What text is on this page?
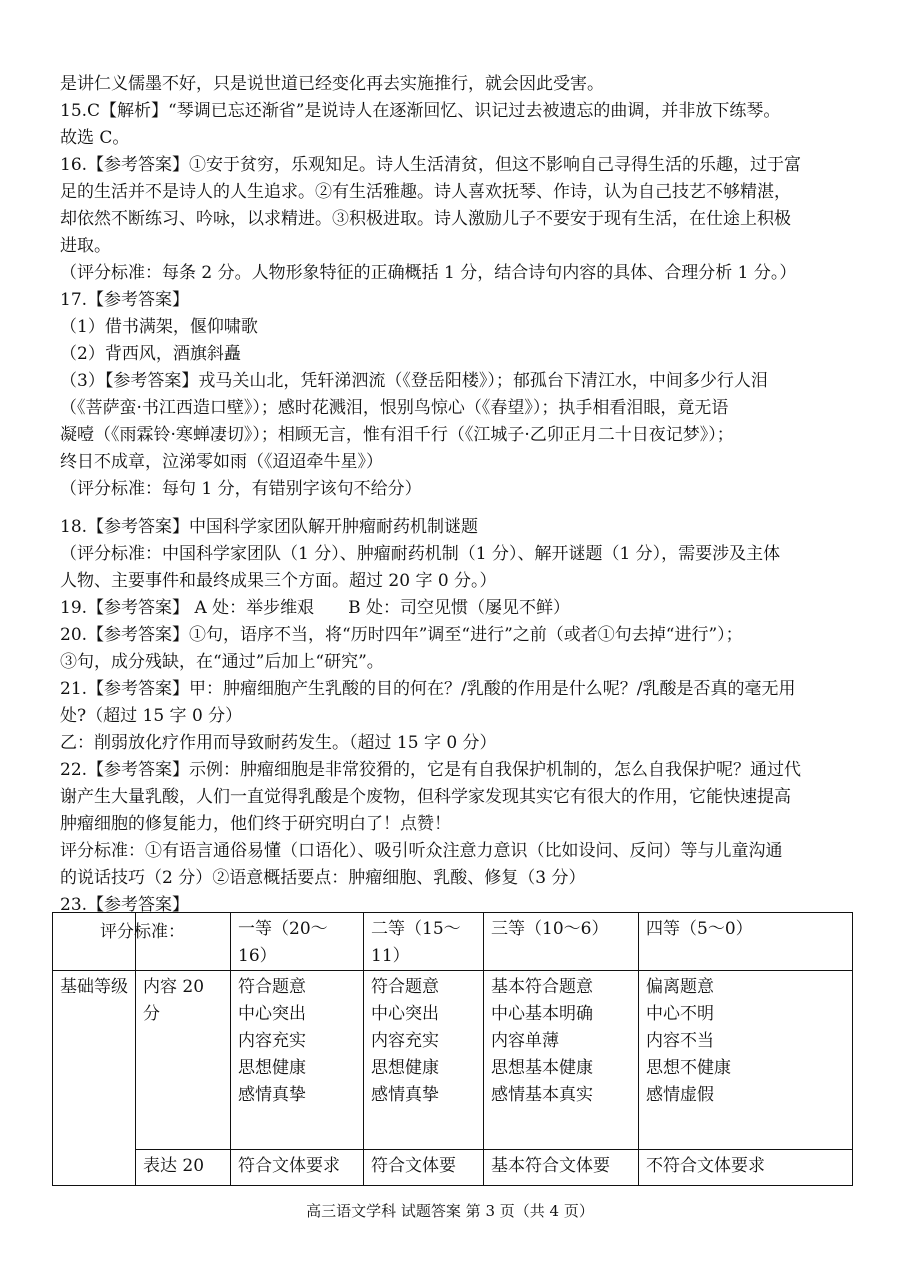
是讲仁义儒墨不好，只是说世道已经变化再去实施推行，就会因此受害。

15.C【解析】“琴调已忘还渐省”是说诗人在逐渐回忆、识记过去被遗忘的曲调，并非放下练琴。

故选 C。

16.【参考答案】①安于贫穷，乐观知足。诗人生活清贫，但这不影响自己寻得生活的乐趣，过于富

足的生活并不是诗人的人生追求。②有生活雅趣。诗人喜欢抚琴、作诗，认为自己技艺不够精湛，

却依然不断练习、吟咏，以求精进。③积极进取。诗人激励儿子不要安于现有生活，在仕途上积极

进取。

（评分标准：每条 2 分。人物形象特征的正确概括 1 分，结合诗句内容的具体、合理分析 1 分。）

17.【参考答案】

（1）借书满架，偃仰啸歌

（2）背西风，酒旗斜矗

（3）【参考答案】戎马关山北，凭轩涕泗流（《登岳阳楼》）；郁孤台下清江水，中间多少行人泪

（《菩萨蛮·书江西造口壁》）；感时花溅泪，恨别鸟惊心（《春望》）；执手相看泪眼，竟无语

凝噎（《雨霖铃·寒蝉凄切》）；相顾无言，惟有泪千行（《江城子·乙卯正月二十日夜记梦》）；

终日不成章，泣涕零如雨（《迢迢牵牛星》）

（评分标准：每句 1 分，有错别字该句不给分）

18.【参考答案】中国科学家团队解开肿瘤耐药机制谜题

（评分标准：中国科学家团队（1 分）、肿瘤耐药机制（1 分）、解开谜题（1 分），需要涉及主体

人物、主要事件和最终成果三个方面。超过 20 字 0 分。）

19.【参考答案】 A 处：举步维艰　　B 处：司空见惯（屡见不鲜）

20.【参考答案】①句，语序不当，将“历时四年”调至“进行”之前（或者①句去掉“进行”）；

③句，成分残缺，在“通过”后加上“研究”。

21.【参考答案】甲：肿瘤细胞产生乳酸的目的何在？/乳酸的作用是什么呢？/乳酸是否真的毫无用

处?（超过 15 字 0 分）

乙：削弱放化疗作用而导致耐药发生。（超过 15 字 0 分）

22.【参考答案】示例：肿瘤细胞是非常狡猾的，它是有自我保护机制的，怎么自我保护呢？通过代

谢产生大量乳酸，人们一直觉得乳酸是个废物，但科学家发现其实它有很大的作用，它能快速提高

肿瘤细胞的修复能力，他们终于研究明白了！点赞！

评分标准：①有语言通俗易懂（口语化）、吸引听众注意力意识（比如设问、反问）等与儿童沟通

的说话技巧（2 分）②语意概括要点：肿瘤细胞、乳酸、修复（3 分）

23.【参考答案】

评分标准：

			一等（20～16）	二等（15～11）	三等（10～6）	四等（5～0）
基础等级	内容 20 分	符合题意
中心突出
内容充实
思想健康
感情真挚	符合题意
中心突出
内容充实
思想健康
感情真挚	基本符合题意
中心基本明确
内容单薄
思想基本健康
感情基本真实	偏离题意
中心不明
内容不当
思想不健康
感情虚假
	表达 20	符合文体要求	符合文体要	基本符合文体要	不符合文体要求
高三语文学科 试题答案 第 3 页（共 4 页）
